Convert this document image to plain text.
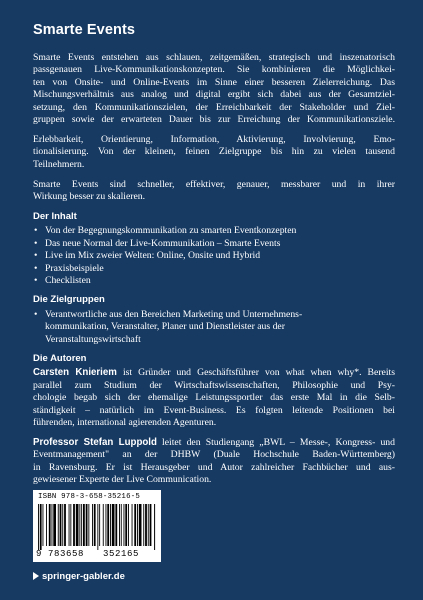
Smarte Events
Smarte Events entstehen aus schlauen, zeitgemäßen, strategisch und inszenatorisch
passgenauen Live-Kommunikationskonzepten. Sie kombinieren die Möglichkei-
ten von Onsite- und Online-Events im Sinne einer besseren Zielerreichung. Das
Mischungsverhältnis aus analog und digital ergibt sich dabei aus der Gesamtziel-
setzung, den Kommunikationszielen, der Erreichbarkeit der Stakeholder und Ziel-
gruppen sowie der erwarteten Dauer bis zur Erreichung der Kommunikationsziele.
Erlebbarkeit, Orientierung, Information, Aktivierung, Involvierung, Emo-
tionalisierung. Von der kleinen, feinen Zielgruppe bis hin zu vielen tausend
Teilnehmern.
Smarte Events sind schneller, effektiver, genauer, messbarer und in ihrer
Wirkung besser zu skalieren.
Der Inhalt
• Von der Begegnungskommunikation zu smarten Eventkonzepten
• Das neue Normal der Live-Kommunikation – Smarte Events
• Live im Mix zweier Welten: Online, Onsite und Hybrid
• Praxisbeispiele
• Checklisten
Die Zielgruppen
• Verantwortliche aus den Bereichen Marketing und Unternehmens-
kommunikation, Veranstalter, Planer und Dienstleister aus der
Veranstaltungswirtschaft
Die Autoren
Carsten Knieriem ist Gründer und Geschäftsführer von what when why*. Bereits
parallel zum Studium der Wirtschaftswissenschaften, Philosophie und Psy-
chologie begab sich der ehemalige Leistungssportler das erste Mal in die Selb-
ständigkeit – natürlich im Event-Business. Es folgten leitende Positionen bei
führenden, international agierenden Agenturen.
Professor Stefan Luppold leitet den Studiengang „BWL – Messe-, Kongress- und
Eventmanagement" an der DHBW (Duale Hochschule Baden-Württemberg)
in Ravensburg. Er ist Herausgeber und Autor zahlreicher Fachbücher und aus-
gewiesener Experte der Live Communication.
ISBN 978-3-658-35216-5
9 783658 352165
springer-gabler.de
